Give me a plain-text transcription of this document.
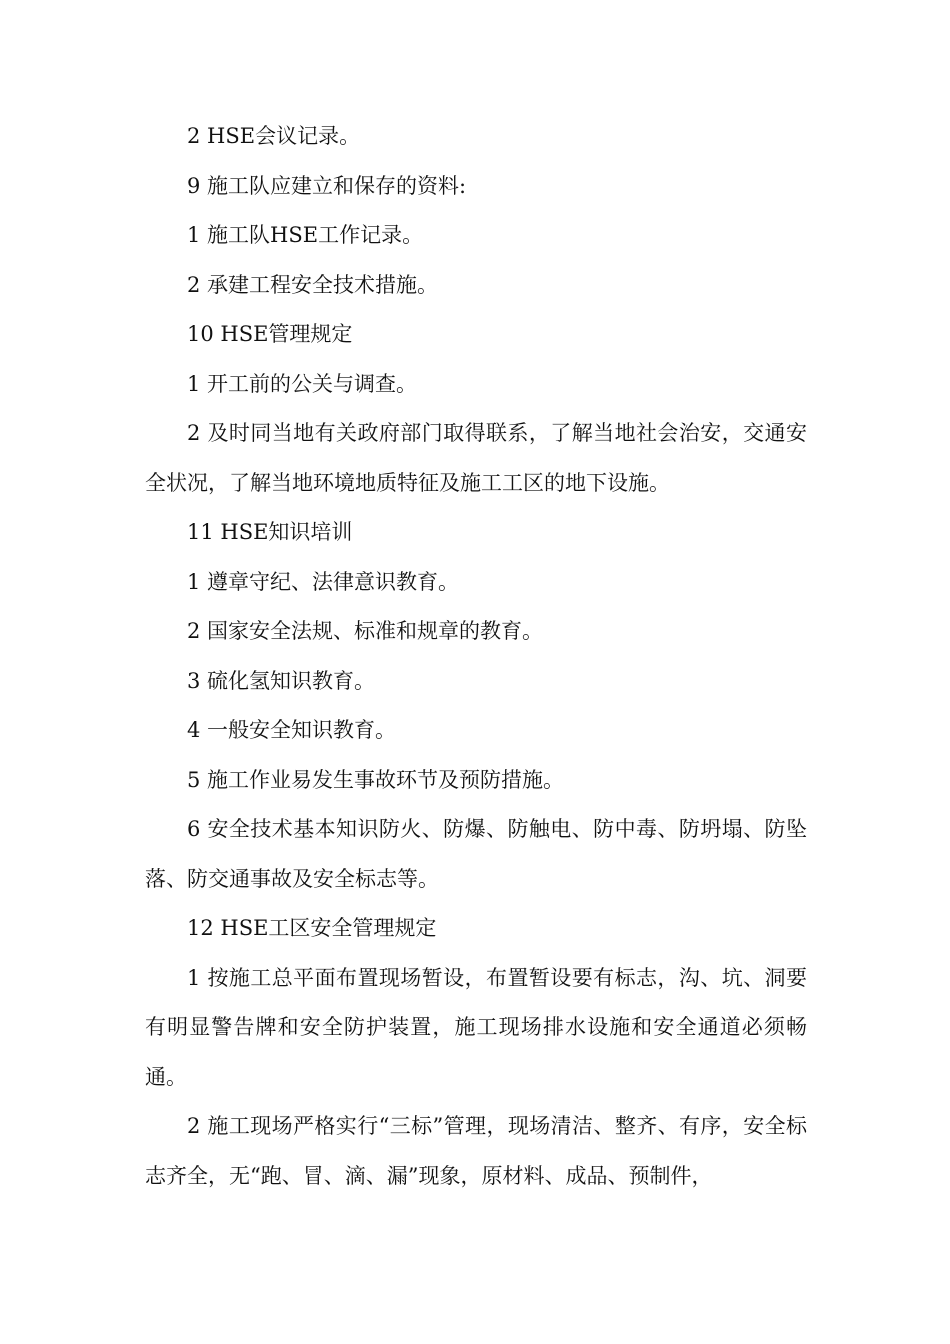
2 HSE会议记录。

9 施工队应建立和保存的资料:

1 施工队HSE工作记录。

2 承建工程安全技术措施。

10 HSE管理规定

1 开工前的公关与调查。

2 及时同当地有关政府部门取得联系，了解当地社会治安，交通安全状况，了解当地环境地质特征及施工工区的地下设施。

11 HSE知识培训

1 遵章守纪、法律意识教育。

2 国家安全法规、标准和规章的教育。

3 硫化氢知识教育。

4 一般安全知识教育。

5 施工作业易发生事故环节及预防措施。

6 安全技术基本知识防火、防爆、防触电、防中毒、防坍塌、防坠落、防交通事故及安全标志等。

12 HSE工区安全管理规定

1 按施工总平面布置现场暂设，布置暂设要有标志，沟、坑、洞要有明显警告牌和安全防护装置，施工现场排水设施和安全通道必须畅通。

2 施工现场严格实行“三标”管理，现场清洁、整齐、有序，安全标志齐全，无“跑、冒、滴、漏”现象，原材料、成品、预制件，
